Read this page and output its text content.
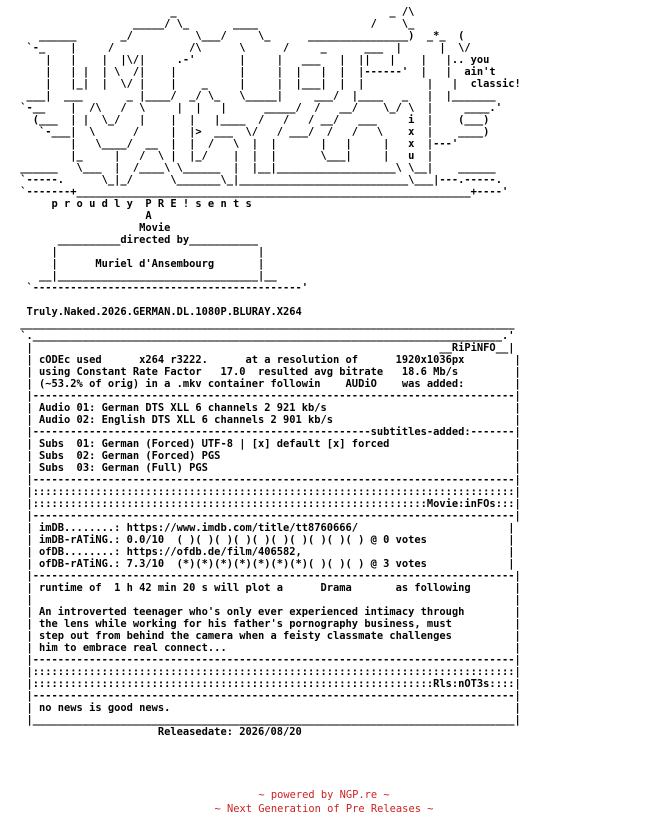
_                                  _ /\
_____/ \_       ____                  /    \_
______       _/          \___/     \_      ________________)  _*_  (
`-_    |     /            /\      \      /     _      ___  |      |  \/
|   |    |  |\/|     .-'       |     |   ___   |  ||   |    |   |.. you
|   | |  | \  /|    |          |     |  |   |  |  |------'  |   |  ain't
|   |_|  |  \/ |    |    _     |     |  |___|  |  |          |   |  classic!
___|  ___       _ |____/  _/ \_   \_____|     ___/  |____   _   |  |_______
`-__    |  /\   /  \     |  |   |      _____/  /   __/    \_/ \  |     ____.'
(___  | |  \_/   |    |  |   |____  /   /   / __/   ___     i  |    (___)
`-___|  \      /     |  |>  ___  \/   / ___/  /   /   \    x  |    ____)
|   \____/  __  |  |  /   \  |  |       |   |     |   x  |---'
|_     |   /  \ |  |_/    |  |  |       \___|     |   u  |
______   \___  |  /____\ \______  |  |__|___________________\ \__|    ______
`-----.      \_|_/      \_______\_|___________________________\___|---.-----.
`-------+_______________________________________________________________+----'
p r o u d l y  P R E ! s e n t s
A
Movie
__________directed by___________
|                                |
|      Muriel d'Ansembourg       |
__|________________________________|__
`-------------------------------------------'

Truly.Naked.2026.GERMAN.DL.1080P.BLURAY.X264
_______________________________________________________________________________
`.___________________________________________________________________________.'
|                                                                 __RiPiNFO__|
| cODEc used      x264 r3222.      at a resolution of      1920x1036px        |
| using Constant Rate Factor   17.0  resulted avg bitrate   18.6 Mb/s         |
| (~53.2% of orig) in a .mkv container followin    AUDiO    was added:        |
|-----------------------------------------------------------------------------|
| Audio 01: German DTS XLL 6 channels 2 921 kb/s                              |
| Audio 02: English DTS XLL 6 channels 2 901 kb/s                             |
|------------------------------------------------------subtitles-added:-------|
| Subs  01: German (Forced) UTF-8 | [x] default [x] forced                    |
| Subs  02: German (Forced) PGS                                               |
| Subs  03: German (Full) PGS                                                 |
|-----------------------------------------------------------------------------|
|:::::::::::::::::::::::::::::::::::::::::::::::::::::::::::::::::::::::::::::|
|:::::::::::::::::::::::::::::::::::::::::::::::::::::::::::::::Movie:inFOs:::|
|-----------------------------------------------------------------------------|
| imDB........: https://www.imdb.com/title/tt8760666/                        |
| imDB-rATiNG.: 0.0/10  ( )( )( )( )( )( )( )( )( )( ) @ 0 votes             |
| ofDB........: https://ofdb.de/film/406582,                                 |
| ofDB-rATiNG.: 7.3/10  (*)(*)(*)(*)(*)(*)(*)( )( )( ) @ 3 votes             |
|-----------------------------------------------------------------------------|
| runtime of  1 h 42 min 20 s will plot a      Drama       as following       |
|                                                                             |
| An introverted teenager who's only ever experienced intimacy through        |
| the lens while working for his father's pornography business, must          |
| step out from behind the camera when a feisty classmate challenges          |
| him to embrace real connect...                                              |
|-----------------------------------------------------------------------------|
|:::::::::::::::::::::::::::::::::::::::::::::::::::::::::::::::::::::::::::::|
|::::::::::::::::::::::::::::::::::::::::::::::::::::::::::::::::Rls:nOT3s::::|
|-----------------------------------------------------------------------------|
| no news is good news.                                                       |
|_____________________________________________________________________________|
Releasedate: 2026/08/20
~ powered by NGP.re ~
~ Next Generation of Pre Releases ~
